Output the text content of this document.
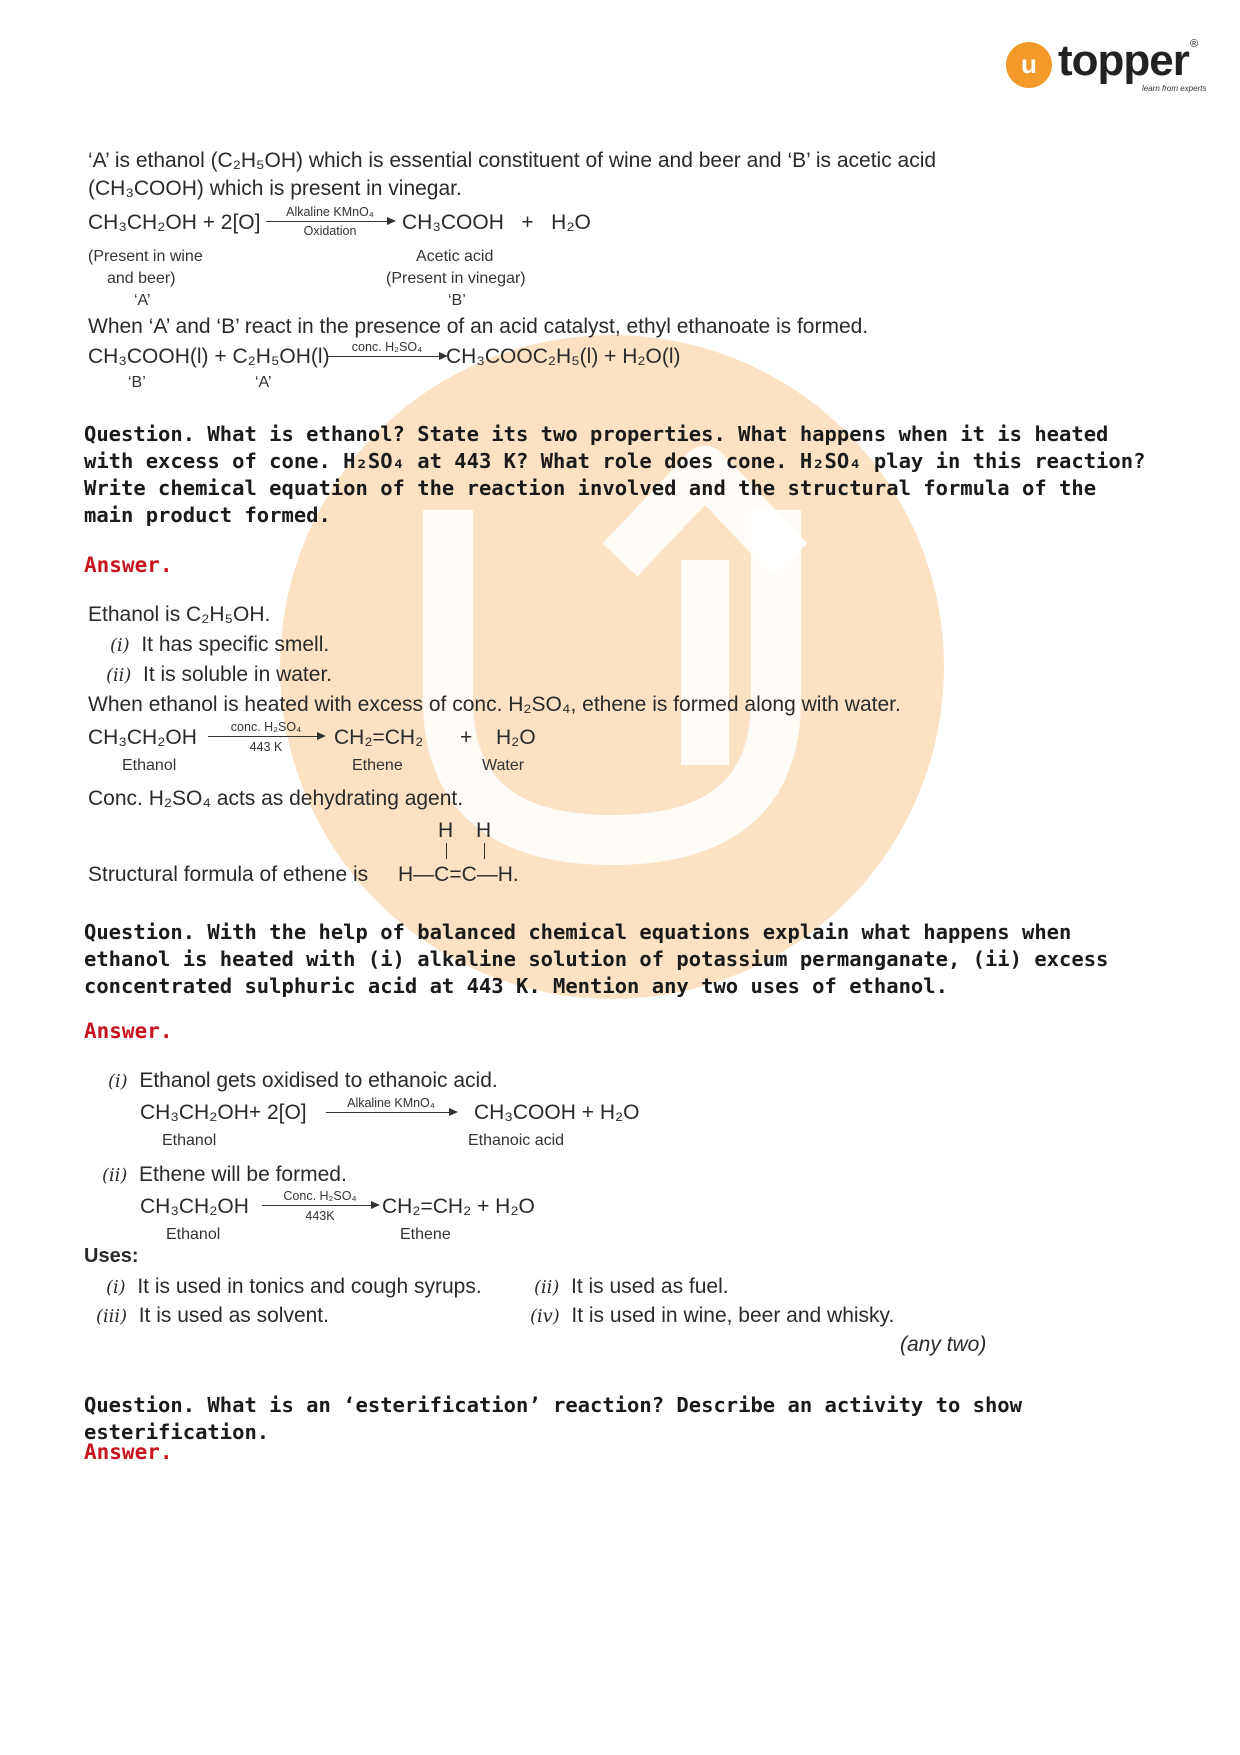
u topper ®
learn from experts
‘A’ is ethanol (C₂H₅OH) which is essential constituent of wine and beer and ‘B’ is acetic acid
(CH₃COOH) which is present in vinegar.
CH₃CH₂OH + 2[O]	Alkaline KMnO₄
Oxidation	CH₃COOH   +   H₂O
(Present in wine
and beer)
‘A’
Acetic acid
(Present in vinegar)
‘B’
When ‘A’ and ‘B’ react in the presence of an acid catalyst, ethyl ethanoate is formed.
CH₃COOH(l) + C₂H₅OH(l)	conc. H₂SO₄	CH₃COOC₂H₅(l) + H₂O(l)
‘B’	‘A’
Question. What is ethanol? State its two properties. What happens when it is heated with excess of cone. H₂SO₄ at 443 K? What role does cone. H₂SO₄ play in this reaction? Write chemical equation of the reaction involved and the structural formula of the main product formed.
Answer.
Ethanol is C₂H₅OH.
(i) It has specific smell.
(ii) It is soluble in water.
When ethanol is heated with excess of conc. H₂SO₄, ethene is formed along with water.
CH₃CH₂OH	conc. H₂SO₄
443 K	CH₂=CH₂ + H₂O
Ethanol	Ethene	Water
Conc. H₂SO₄ acts as dehydrating agent.
H H
Structural formula of ethene is H—C=C—H.
Question. With the help of balanced chemical equations explain what happens when ethanol is heated with (i) alkaline solution of potassium permanganate, (ii) excess concentrated sulphuric acid at 443 K. Mention any two uses of ethanol.
Answer.
(i) Ethanol gets oxidised to ethanoic acid.
CH₃CH₂OH+ 2[O]	Alkaline KMnO₄	CH₃COOH + H₂O
Ethanol	Ethanoic acid
(ii) Ethene will be formed.
CH₃CH₂OH	Conc. H₂SO₄
443K	CH₂=CH₂ + H₂O
Ethanol	Ethene
Uses:
(i) It is used in tonics and cough syrups.	(ii) It is used as fuel.
(iii) It is used as solvent.	(iv) It is used in wine, beer and whisky.
(any two)
Question. What is an ‘esterification’ reaction? Describe an activity to show esterification.
Answer.
